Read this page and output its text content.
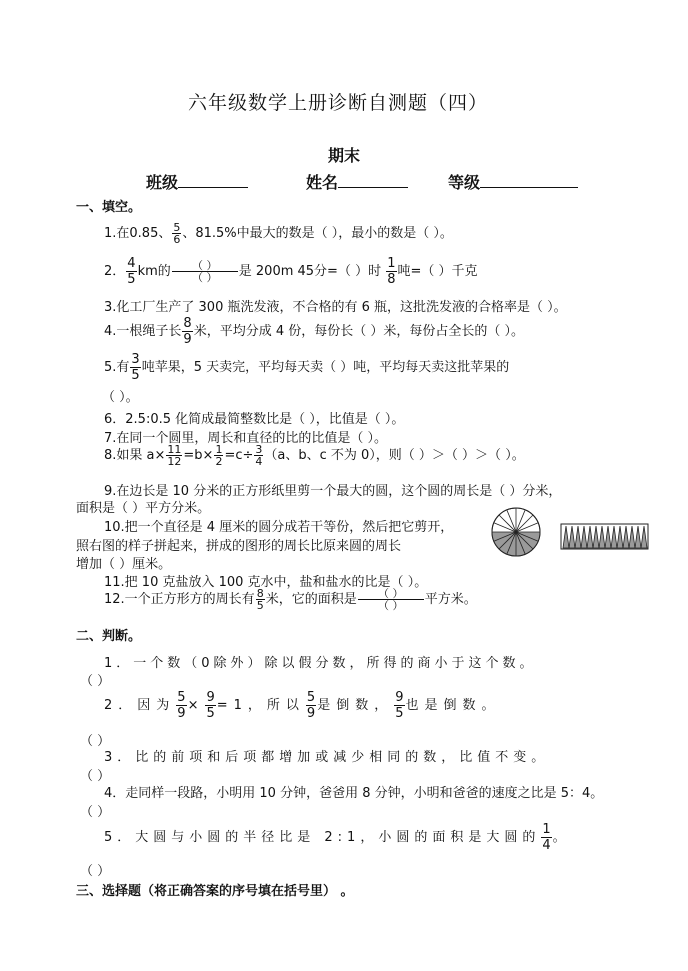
六年级数学上册诊断自测题（四）
期末
班级	姓名	等级
一、填空。
1.在0.85、 $\frac{5}{6}$ 、81.5%中最大的数是（ ），最小的数是（ ）。
2． $\frac{4}{5}$ km的 $\frac{( )}{( )}$ 是 200m 45分=（ ）时 $\frac{1}{8}$ 吨=（ ）千克
3.化工厂生产了 300 瓶洗发液，不合格的有 6 瓶，这批洗发液的合格率是（ ）。
4.一根绳子长 $\frac{8}{9}$ 米，平均分成 4 份，每份长（ ）米，每份占全长的（ ）。
5.有 $\frac{3}{5}$ 吨苹果，5 天卖完，平均每天卖（ ）吨，平均每天卖这批苹果的
（ ）。
6．2.5:0.5 化简成最简整数比是（ ），比值是（ ）。
7.在同一个圆里，周长和直径的比的比值是（ ）。
8.如果 $a\times \frac{11}{12} =b\times \frac{1}{2} =c\div \frac{3}{4} (a$、b、c 不为 0），则（ ）＞（ ）＞（ ）。
9.在边长是 10 分米的正方形纸里剪一个最大的圆，这个圆的周长是（ ）分米，
面积是（ ）平方分米。
10.把一个直径是 4 厘米的圆分成若干等份，然后把它剪开，
照右图的样子拼起来，拼成的图形的周长比原来圆的周长
增加（ ）厘米。
11.把 10 克盐放入 100 克水中，盐和盐水的比是（ ）。
12.一个正方形方的周长有 $\frac{8}{5}$ 米，它的面积是 $\frac{( )}{( )}$ 平方米。
二、判断。
1．一个数（0除外）除以假分数，所得的商小于这个数。
（ ）
2．因为 $\frac{5}{9} \times \frac{9}{5} =1$，所以 $\frac{5}{9}$ 是倒数， $\frac{9}{5}$ 也是倒数。
（ ）
3．比的前项和后项都增加或减少相同的数，比值不变。
（ ）
4．走同样一段路，小明用 10 分钟，爸爸用 8 分钟，小明和爸爸的速度之比是 5：4。
（ ）
5．大圆与小圆的半径比是 2:1，小圆的面积是大圆的 $\frac{1}{4}$ 。
（ ）
三、选择题（将正确答案的序号填在括号里） 。
